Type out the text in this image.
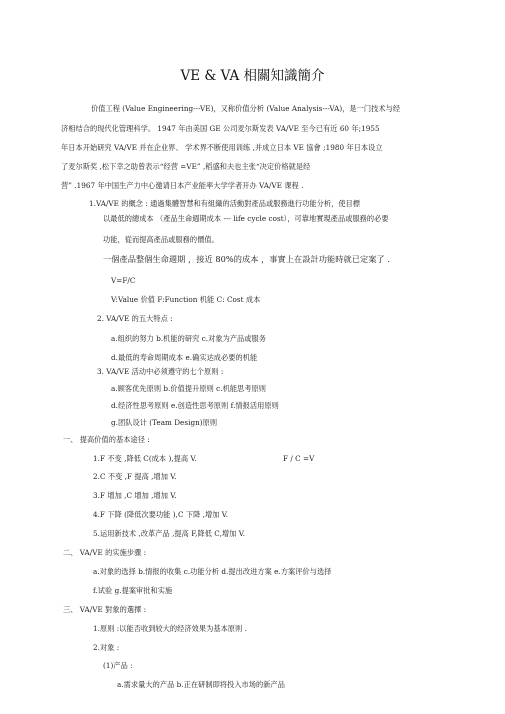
VE & VA 相關知識簡介
价值工程 (Value Engineering---VE)，又称价值分析 (Value Analysis---VA)，是一门技术与经
济相结合的现代化管理科学。 1947 年由美国 GE 公司麦尔斯发表 VA/VE 至今已有近 60 年;1955
年日本开始研究 VA/VE 并在企业界、 学术界不断使用训练 ,并成立日本 VE 協會 ;1980 年日本设立
了麦尔斯奖 ,松下幸之助曾表示“经营 =VE” ,稻盛和夫也主张“决定价格就是经
营” .1967 年中国生产力中心邀请日本产业能率大学学者开办 VA/VE 课程 .
1.VA/VE 的概念 : 通過集體智慧和有組織的活動對產品或服務進行功能分析，使目標
以最低的總成本 （產品生命週期成本 --- life cycle cost），可靠地實現產品或服務的必要
功能，從而提高產品或服務的價值。
一個產品整個生命週期 ，接近 80%的成本 ，事實上在設計功能時就已定案了 .
V=F/C
V:Value 价值 F:Function 机能 C: Cost 成本
2. VA/VE 的五大特点 :
a.组织的努力 b.机能的研究 c.对象为产品或服务
d.最低的寿命周期成本 e.确实达成必要的机能
3. VA/VE 活动中必须遵守的七个原则 :
a.顾客优先原则 b.价值提升原则 c.机能思考原则
d.经济性思考原则 e.创造性思考原则 f.情报活用原则
g.团队设计 (Team Design)原则
一、 提高价值的基本途径 :
1.F 不变 ,降低 C(成本 ),提高 V.	F / C =V
2.C 不变 ,F 提高 ,增加 V.
3.F 增加 ,C 增加 ,增加 V.
4.F 下降 (降低次要功能 ),C 下降 ,增加 V.
5.运用新技术 ,改革产品 ,提高 F,降低 C,增加 V.
二、 VA/VE 的实施步骤 :
a.对象的选择 b.情报的收集 c.功能分析 d.提出改进方案 e.方案评价与选择
f.试验 g.提案审批和实施
三、 VA/VE 對象的選擇 :
1.原则 :以能否收到较大的经济效果为基本原则 .
2.对象 :
(1)产品 :
a.需求量大的产品 b.正在研制即将投入市场的新产品
